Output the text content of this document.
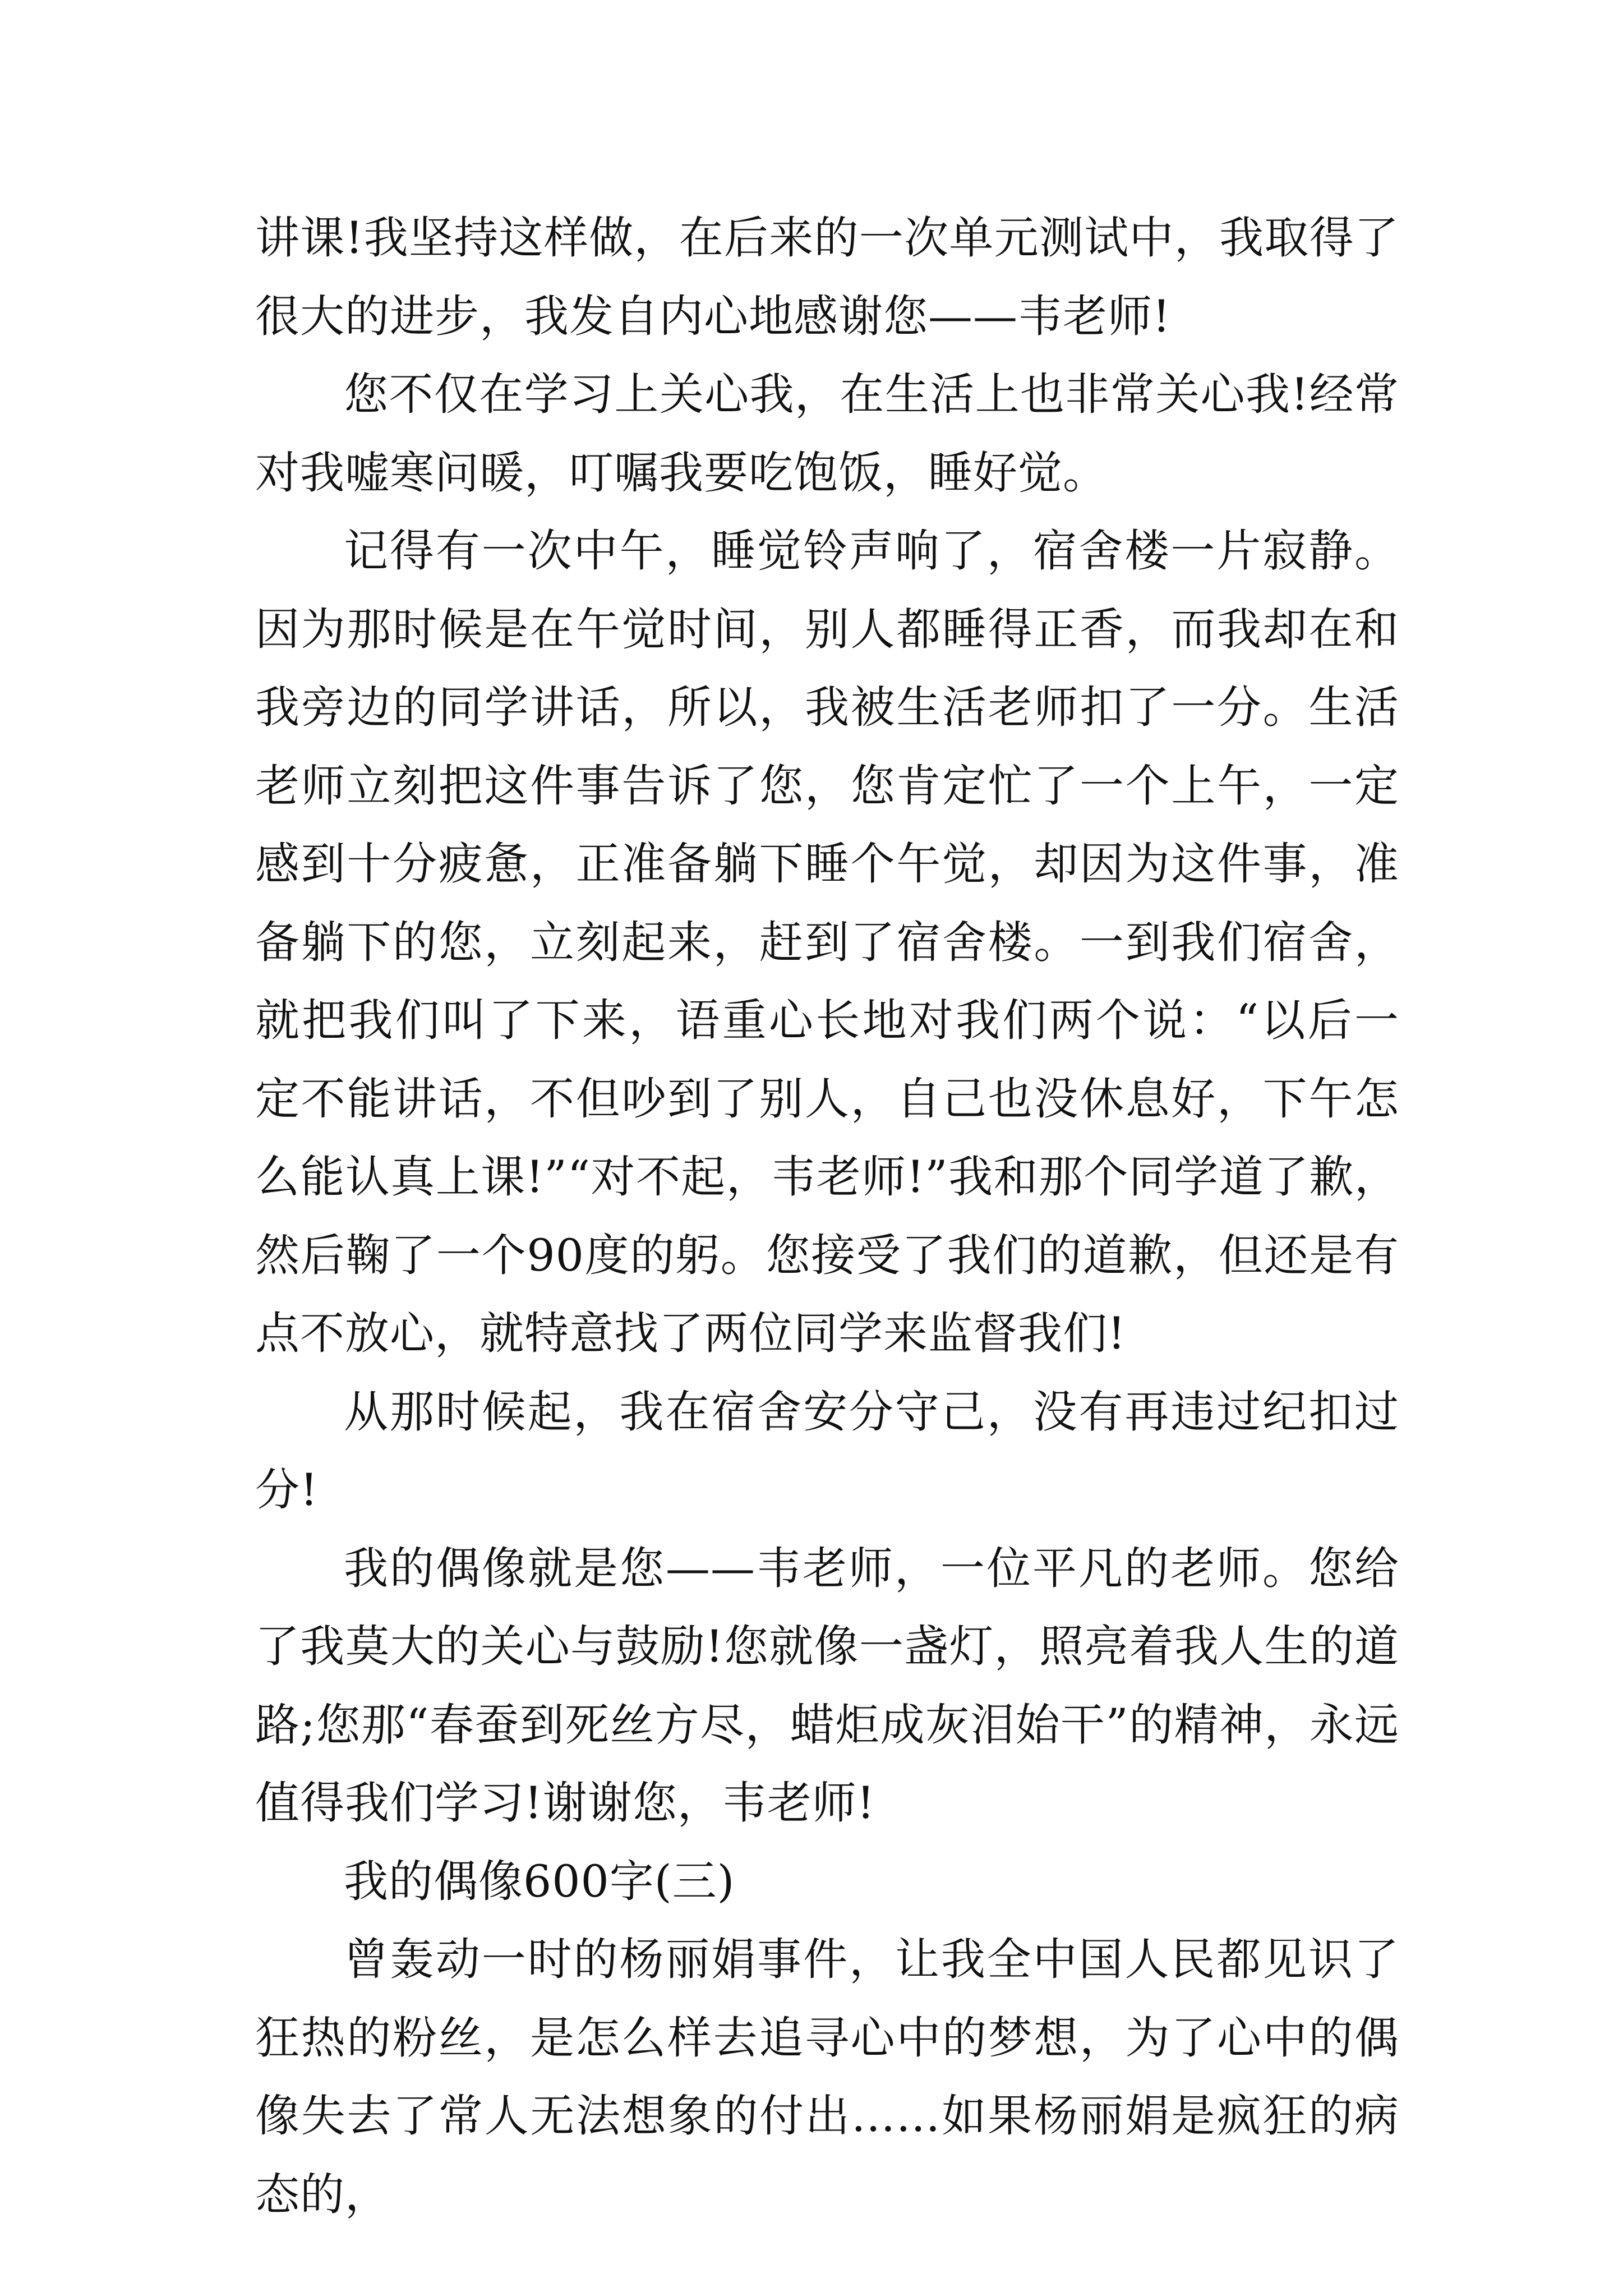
讲课!我坚持这样做，在后来的一次单元测试中，我取得了很大的进步，我发自内心地感谢您——韦老师!

您不仅在学习上关心我，在生活上也非常关心我!经常对我嘘寒问暖，叮嘱我要吃饱饭，睡好觉。

记得有一次中午，睡觉铃声响了，宿舍楼一片寂静。因为那时候是在午觉时间，别人都睡得正香，而我却在和我旁边的同学讲话，所以，我被生活老师扣了一分。生活老师立刻把这件事告诉了您，您肯定忙了一个上午，一定感到十分疲惫，正准备躺下睡个午觉，却因为这件事，准备躺下的您，立刻起来，赶到了宿舍楼。一到我们宿舍，就把我们叫了下来，语重心长地对我们两个说：“以后一定不能讲话，不但吵到了别人，自己也没休息好，下午怎么能认真上课!”“对不起，韦老师!”我和那个同学道了歉，然后鞠了一个90度的躬。您接受了我们的道歉，但还是有点不放心，就特意找了两位同学来监督我们!

从那时候起，我在宿舍安分守己，没有再违过纪扣过分!

我的偶像就是您——韦老师，一位平凡的老师。您给了我莫大的关心与鼓励!您就像一盏灯，照亮着我人生的道路;您那“春蚕到死丝方尽，蜡炬成灰泪始干”的精神，永远值得我们学习!谢谢您，韦老师!

我的偶像600字(三)

曾轰动一时的杨丽娟事件，让我全中国人民都见识了狂热的粉丝，是怎么样去追寻心中的梦想，为了心中的偶像失去了常人无法想象的付出……如果杨丽娟是疯狂的病态的，
